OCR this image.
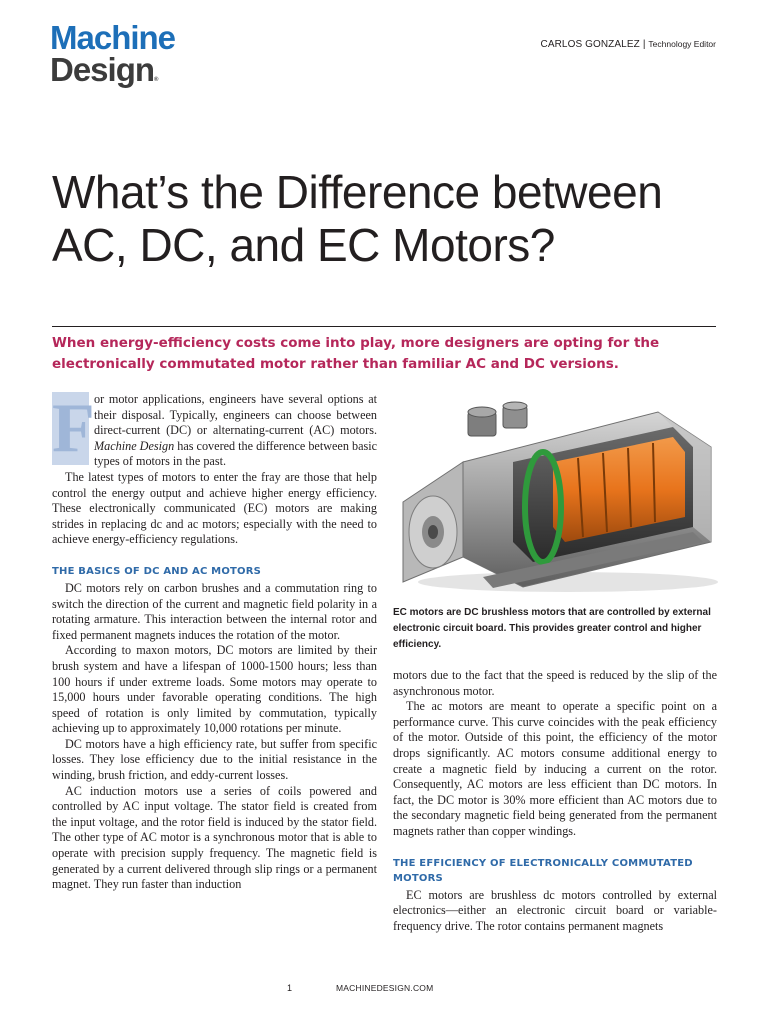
Machine
Design®
CARLOS GONZALEZ | Technology Editor
What’s the Difference between AC, DC, and EC Motors?

When energy-efficiency costs come into play, more designers are opting for the electronically commutated motor rather than familiar AC and DC versions.

F or motor applications, engineers have several options at their disposal. Typically, engineers can choose between direct-current (DC) or alternating-current (AC) motors. Machine Design has covered the difference between basic types of motors in the past.

The latest types of motors to enter the fray are those that help control the energy output and achieve higher energy efficiency. These electronically communicated (EC) motors are making strides in replacing dc and ac motors; especially with the need to achieve energy-efficiency regulations.

THE BASICS OF DC AND AC MOTORS

DC motors rely on carbon brushes and a commutation ring to switch the direction of the current and magnetic field polarity in a rotating armature. This interaction between the internal rotor and fixed permanent magnets induces the rotation of the motor.

According to maxon motors, DC motors are limited by their brush system and have a lifespan of 1000-1500 hours; less than 100 hours if under extreme loads. Some motors may operate to 15,000 hours under favorable operating conditions. The high speed of rotation is only limited by commutation, typically achieving up to approximately 10,000 rotations per minute.

DC motors have a high efficiency rate, but suffer from specific losses. They lose efficiency due to the initial resistance in the winding, brush friction, and eddy-current losses.

AC induction motors use a series of coils powered and controlled by AC input voltage. The stator field is created from the input voltage, and the rotor field is induced by the stator field. The other type of AC motor is a synchronous motor that is able to operate with precision supply frequency. The magnetic field is generated by a current delivered through slip rings or a permanent magnet. They run faster than induction

EC motors are DC brushless motors that are controlled by external electronic circuit board. This provides greater control and higher efficiency.

motors due to the fact that the speed is reduced by the slip of the asynchronous motor.

The ac motors are meant to operate a specific point on a performance curve. This curve coincides with the peak efficiency of the motor. Outside of this point, the efficiency of the motor drops significantly. AC motors consume additional energy to create a magnetic field by inducing a current on the rotor. Consequently, AC motors are less efficient than DC motors. In fact, the DC motor is 30% more efficient than AC motors due to the secondary magnetic field being generated from the permanent magnets rather than copper windings.

THE EFFICIENCY OF ELECTRONICALLY COMMUTATED MOTORS

EC motors are brushless dc motors controlled by external electronics—either an electronic circuit board or variable-frequency drive. The rotor contains permanent magnets

1	MACHINEDESIGN.COM
